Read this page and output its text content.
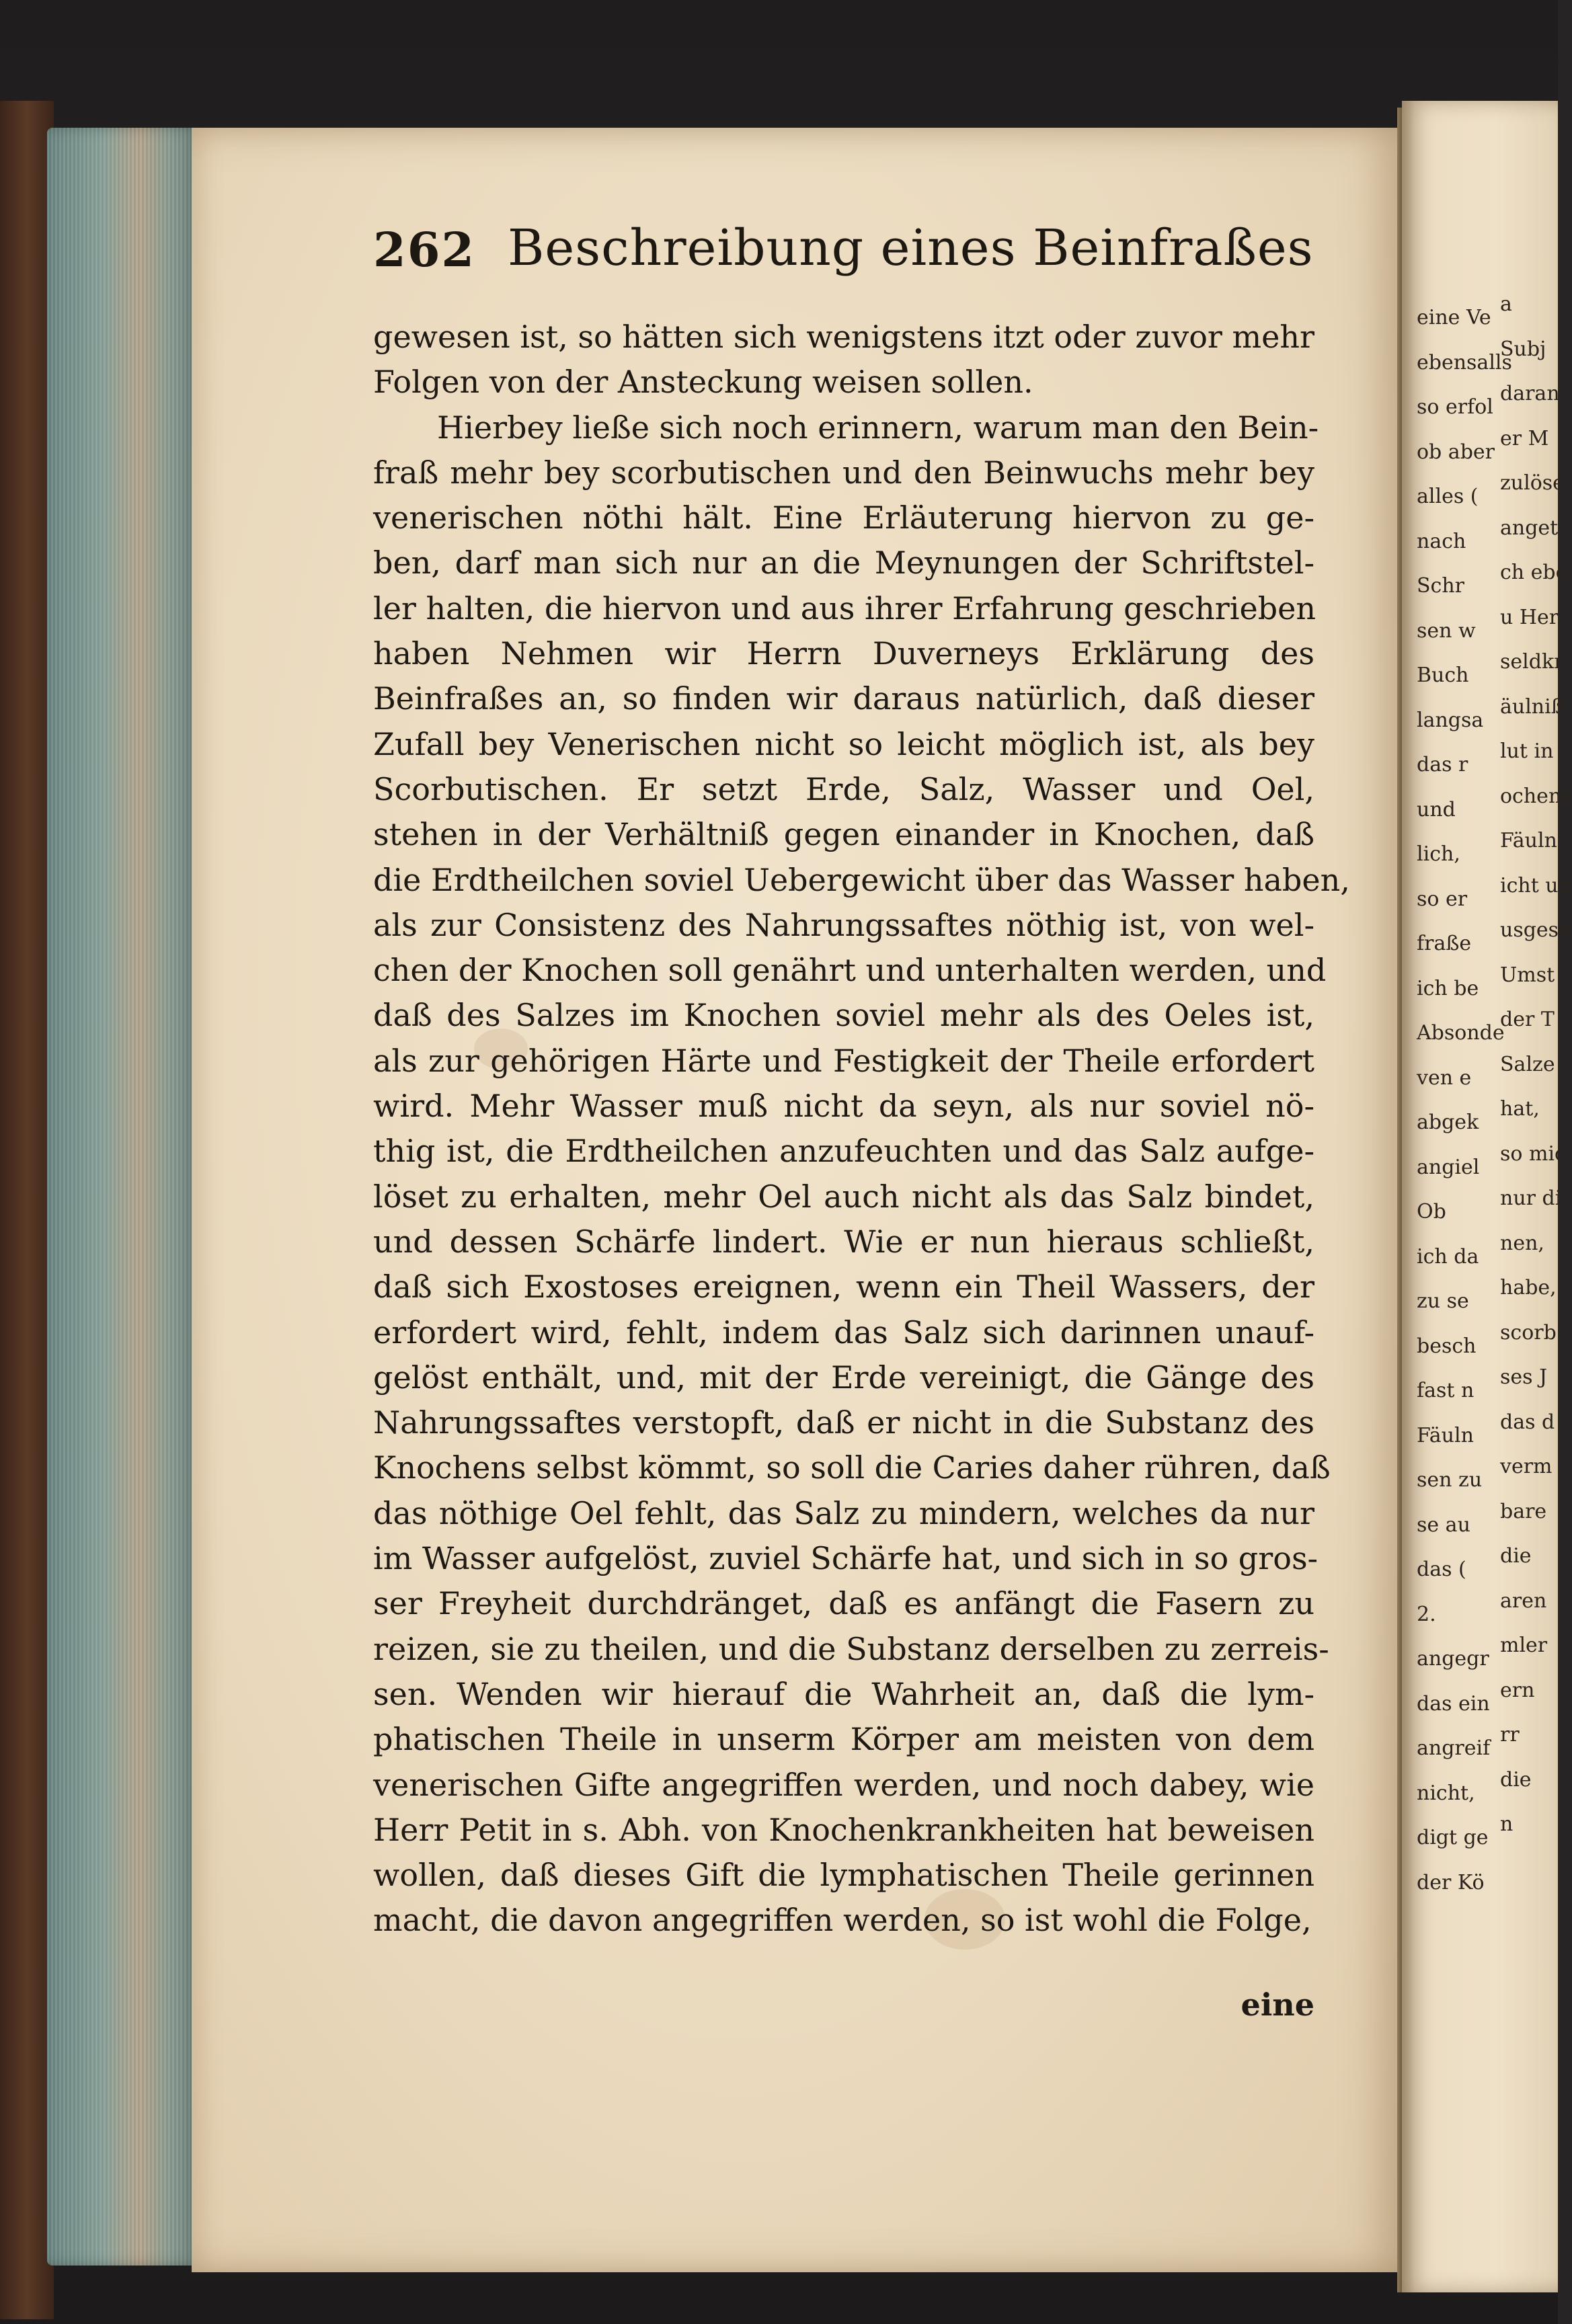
eine Ve
ebensalls
so erfol
ob aber
alles (
nach
Schr
sen w
Buch
langsa
das r
und
lich,
so er
fraße
ich be
Absonde
ven e
abgek
angiel
Ob
ich da
zu se
besch
fast n
Fäuln
sen zu
se au
das (
2.
angegr
das ein
angreif
nicht,
digt ge
der Kö
a
Subj
daran
er M
zulöse
anget
ch ebe
u Her
seldkr
äulniß
lut in
ochens
Fäuln
icht un
usgese
Umst
der T
Salze
hat,
so mic
nur di
nen,
habe,
scorb
ses J
das d
verm
bare
die
aren
mler
ern
rr
die
n
262 Beschreibung eines Beinfraßes
gewesen ist, so hätten sich wenigstens itzt oder zuvor mehr
Folgen von der Ansteckung weisen sollen.
Hierbey ließe sich noch erinnern, warum man den Bein-
fraß mehr bey scorbutischen und den Beinwuchs mehr bey
venerischen nöthi hält. Eine Erläuterung hiervon zu ge-
ben, darf man sich nur an die Meynungen der Schriftstel-
ler halten, die hiervon und aus ihrer Erfahrung geschrieben
haben Nehmen wir Herrn Duverneys Erklärung des
Beinfraßes an, so finden wir daraus natürlich, daß dieser
Zufall bey Venerischen nicht so leicht möglich ist, als bey
Scorbutischen. Er setzt Erde, Salz, Wasser und Oel,
stehen in der Verhältniß gegen einander in Knochen, daß
die Erdtheilchen soviel Uebergewicht über das Wasser haben,
als zur Consistenz des Nahrungssaftes nöthig ist, von wel-
chen der Knochen soll genährt und unterhalten werden, und
daß des Salzes im Knochen soviel mehr als des Oeles ist,
als zur gehörigen Härte und Festigkeit der Theile erfordert
wird. Mehr Wasser muß nicht da seyn, als nur soviel nö-
thig ist, die Erdtheilchen anzufeuchten und das Salz aufge-
löset zu erhalten, mehr Oel auch nicht als das Salz bindet,
und dessen Schärfe lindert. Wie er nun hieraus schließt,
daß sich Exostoses ereignen, wenn ein Theil Wassers, der
erfordert wird, fehlt, indem das Salz sich darinnen unauf-
gelöst enthält, und, mit der Erde vereinigt, die Gänge des
Nahrungssaftes verstopft, daß er nicht in die Substanz des
Knochens selbst kömmt, so soll die Caries daher rühren, daß
das nöthige Oel fehlt, das Salz zu mindern, welches da nur
im Wasser aufgelöst, zuviel Schärfe hat, und sich in so gros-
ser Freyheit durchdränget, daß es anfängt die Fasern zu
reizen, sie zu theilen, und die Substanz derselben zu zerreis-
sen. Wenden wir hierauf die Wahrheit an, daß die lym-
phatischen Theile in unserm Körper am meisten von dem
venerischen Gifte angegriffen werden, und noch dabey, wie
Herr Petit in s. Abh. von Knochenkrankheiten hat beweisen
wollen, daß dieses Gift die lymphatischen Theile gerinnen
macht, die davon angegriffen werden, so ist wohl die Folge,
eine
